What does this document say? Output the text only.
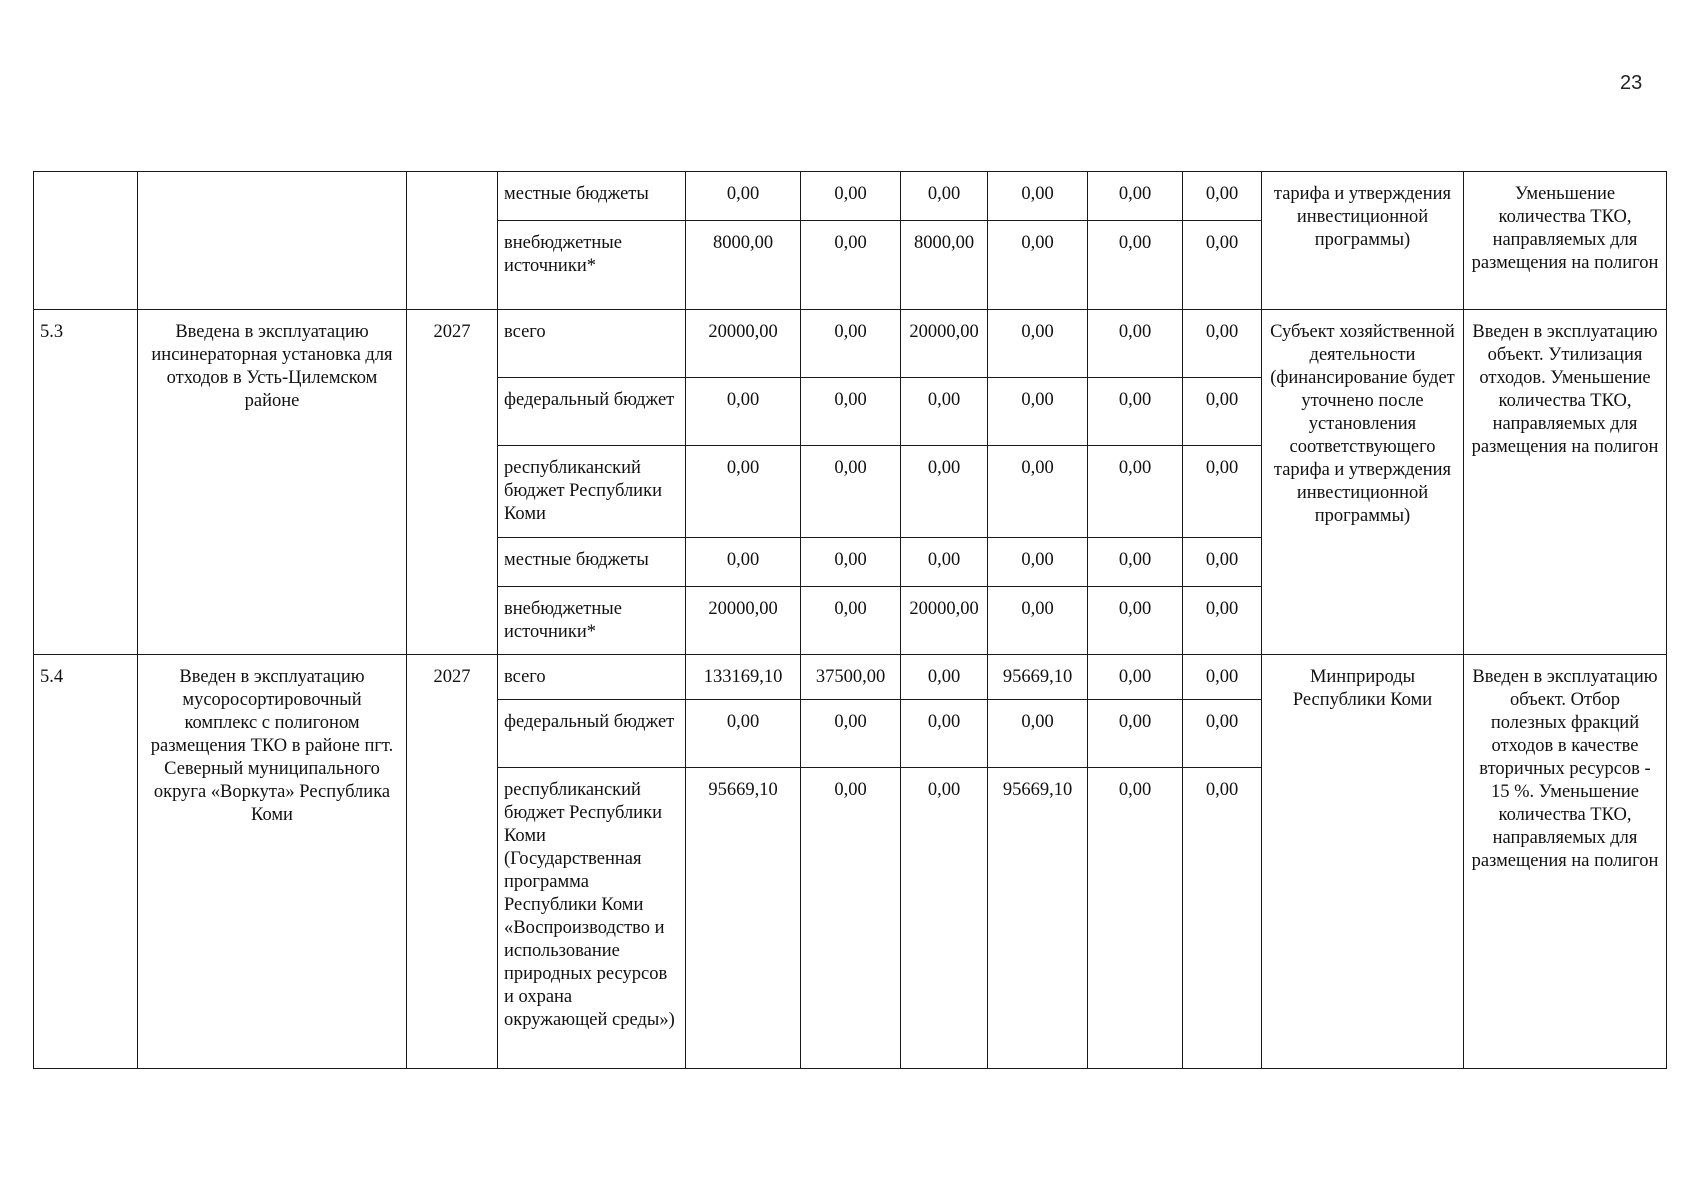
23
			местные бюджеты	0,00	0,00	0,00	0,00	0,00	0,00	тарифа и утверждения инвестиционной программы)	Уменьшение количества ТКО, направляемых для размещения на полигон
			внебюджетные источники*	8000,00	0,00	8000,00	0,00	0,00	0,00		
5.3	Введена в эксплуатацию инсинераторная установка для отходов в Усть-Цилемском районе	2027	всего	20000,00	0,00	20000,00	0,00	0,00	0,00	Субъект хозяйственной деятельности (финансирование будет уточнено после установления соответствующего тарифа и утверждения инвестиционной программы)	Введен в эксплуатацию объект. Утилизация отходов. Уменьшение количества ТКО, направляемых для размещения на полигон
			федеральный бюджет	0,00	0,00	0,00	0,00	0,00	0,00		
			республиканский бюджет Республики Коми	0,00	0,00	0,00	0,00	0,00	0,00		
			местные бюджеты	0,00	0,00	0,00	0,00	0,00	0,00		
			внебюджетные источники*	20000,00	0,00	20000,00	0,00	0,00	0,00		
5.4	Введен в эксплуатацию мусоросортировочный комплекс с полигоном размещения ТКО в районе пгт. Северный муниципального округа «Воркута» Республика Коми	2027	всего	133169,10	37500,00	0,00	95669,10	0,00	0,00	Минприроды Республики Коми	Введен в эксплуатацию объект. Отбор полезных фракций отходов в качестве вторичных ресурсов - 15 %. Уменьшение количества ТКО, направляемых для размещения на полигон
			федеральный бюджет	0,00	0,00	0,00	0,00	0,00	0,00		
			республиканский бюджет Республики Коми (Государственная программа Республики Коми «Воспроизводство и использование природных ресурсов и охрана окружающей среды»)	95669,10	0,00	0,00	95669,10	0,00	0,00		
